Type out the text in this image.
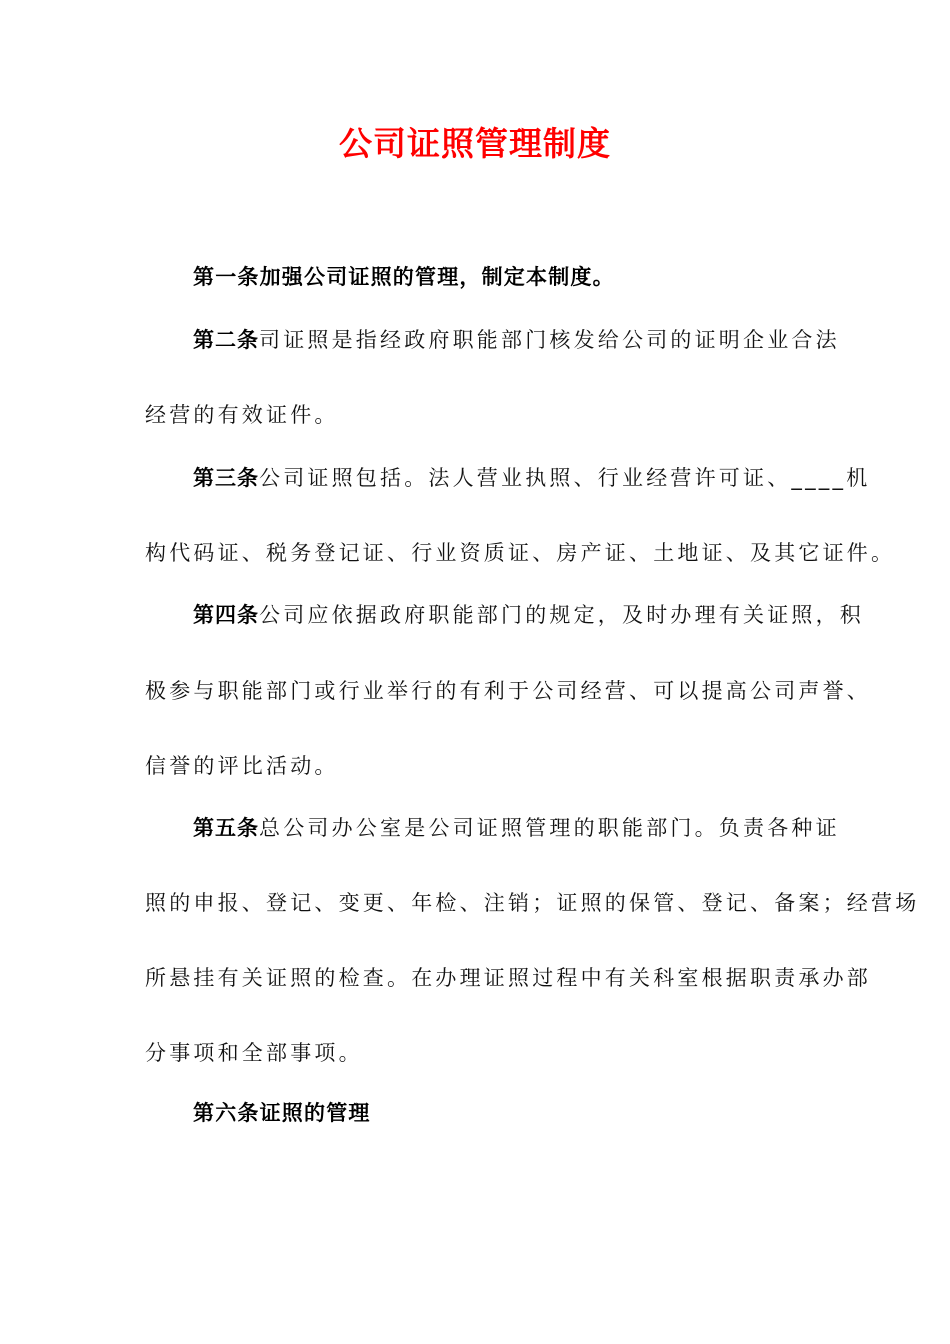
公司证照管理制度
第一条加强公司证照的管理，制定本制度。
第二条司证照是指经政府职能部门核发给公司的证明企业合法
经营的有效证件。
第三条公司证照包括。法人营业执照、行业经营许可证、____机
构代码证、税务登记证、行业资质证、房产证、土地证、及其它证件。
第四条公司应依据政府职能部门的规定，及时办理有关证照，积
极参与职能部门或行业举行的有利于公司经营、可以提高公司声誉、
信誉的评比活动。
第五条总公司办公室是公司证照管理的职能部门。负责各种证
照的申报、登记、变更、年检、注销；证照的保管、登记、备案；经营场
所悬挂有关证照的检查。在办理证照过程中有关科室根据职责承办部
分事项和全部事项。
第六条证照的管理
